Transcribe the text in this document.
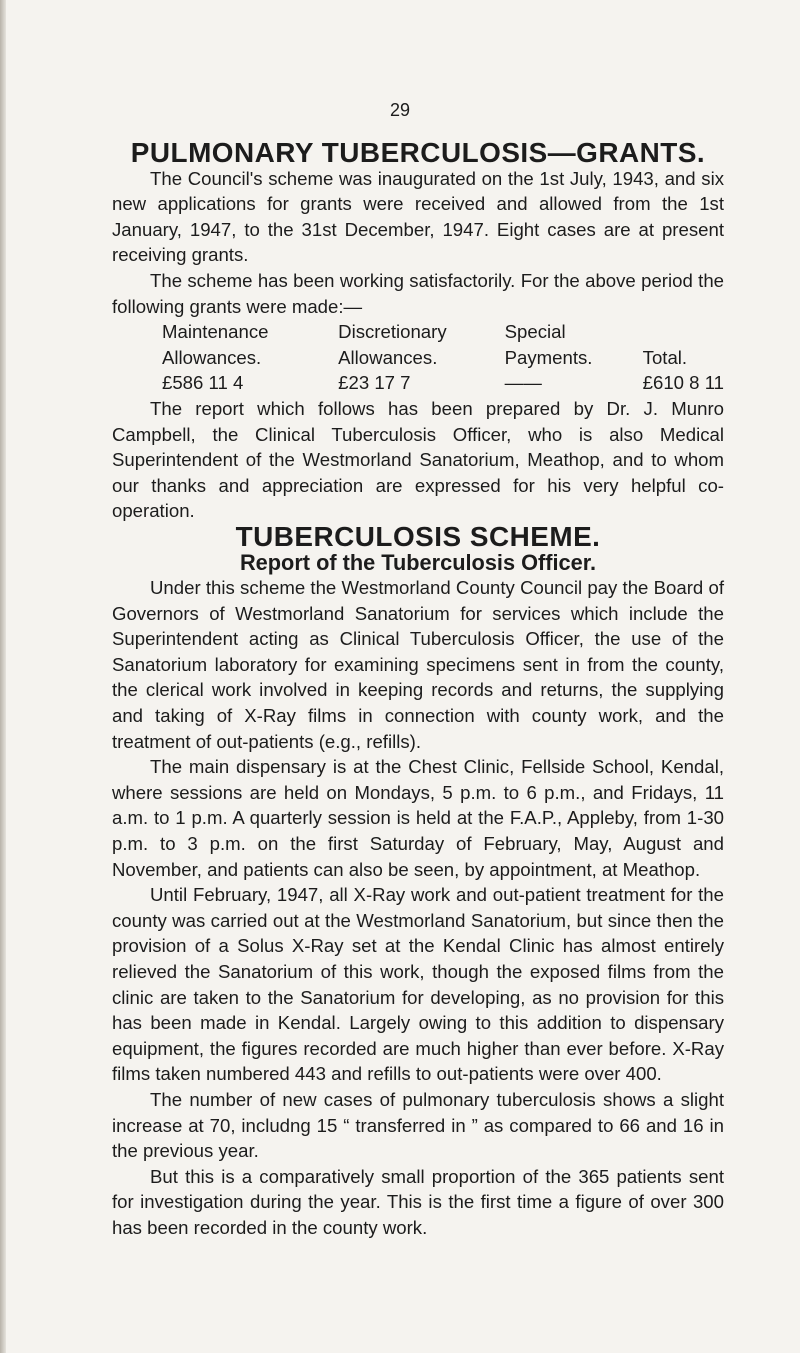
29
PULMONARY TUBERCULOSIS—GRANTS.

The Council's scheme was inaugurated on the 1st July, 1943, and six new applications for grants were received and allowed from the 1st January, 1947, to the 31st December, 1947. Eight cases are at present receiving grants.

The scheme has been working satisfactorily. For the above period the following grants were made:—

Maintenance	Discretionary	Special	
Allowances.	Allowances.	Payments.	Total.
£586 11 4	£23 17 7	——	£610 8 11

The report which follows has been prepared by Dr. J. Munro Campbell, the Clinical Tuberculosis Officer, who is also Medical Superintendent of the Westmorland Sanatorium, Meathop, and to whom our thanks and appreciation are expressed for his very helpful co-operation.

TUBERCULOSIS SCHEME.
Report of the Tuberculosis Officer.

Under this scheme the Westmorland County Council pay the Board of Governors of Westmorland Sanatorium for services which include the Superintendent acting as Clinical Tuberculosis Officer, the use of the Sanatorium laboratory for examining specimens sent in from the county, the clerical work involved in keeping records and returns, the supplying and taking of X-Ray films in connection with county work, and the treatment of out-patients (e.g., refills).

The main dispensary is at the Chest Clinic, Fellside School, Kendal, where sessions are held on Mondays, 5 p.m. to 6 p.m., and Fridays, 11 a.m. to 1 p.m. A quarterly session is held at the F.A.P., Appleby, from 1-30 p.m. to 3 p.m. on the first Saturday of February, May, August and November, and patients can also be seen, by appointment, at Meathop.

Until February, 1947, all X-Ray work and out-patient treatment for the county was carried out at the Westmorland Sanatorium, but since then the provision of a Solus X-Ray set at the Kendal Clinic has almost entirely relieved the Sanatorium of this work, though the exposed films from the clinic are taken to the Sanatorium for developing, as no provision for this has been made in Kendal. Largely owing to this addition to dispensary equipment, the figures recorded are much higher than ever before. X-Ray films taken numbered 443 and refills to out-patients were over 400.

The number of new cases of pulmonary tuberculosis shows a slight increase at 70, includng 15 “ transferred in ” as compared to 66 and 16 in the previous year.

But this is a comparatively small proportion of the 365 patients sent for investigation during the year. This is the first time a figure of over 300 has been recorded in the county work.
